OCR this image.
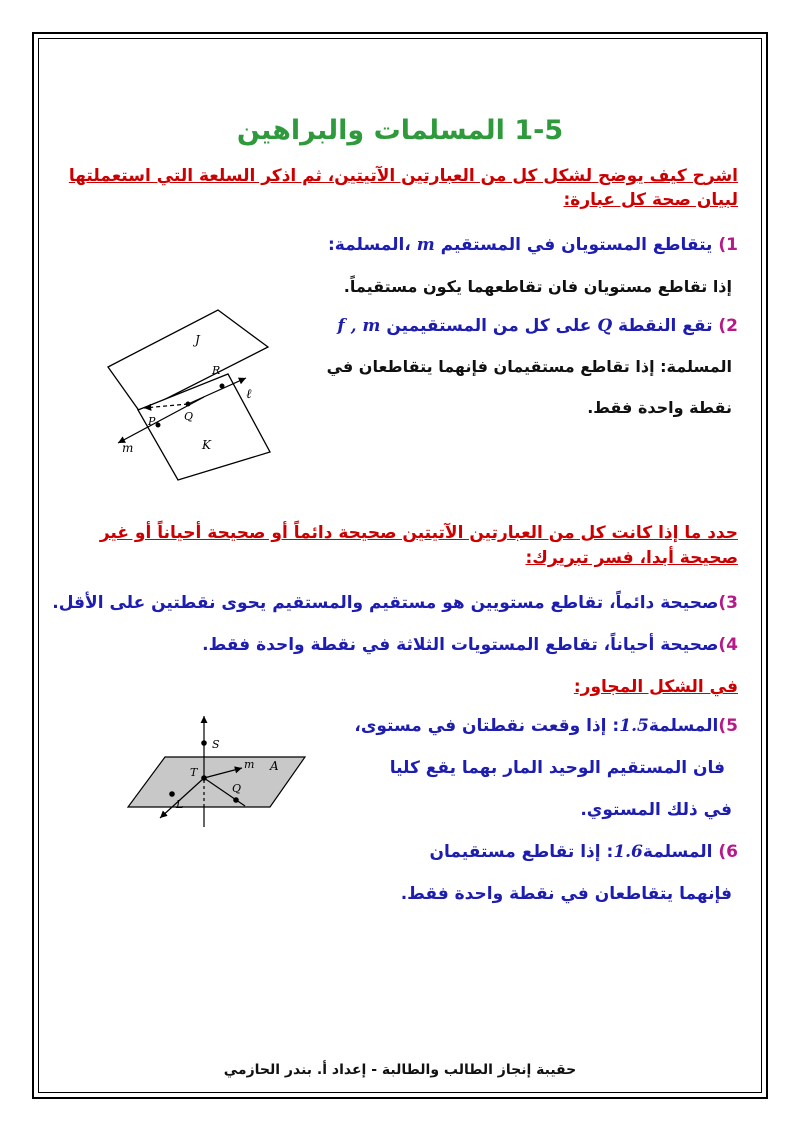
1-5 المسلمات والبراهين

اشرح كيف يوضح لشكل كل من العبارتين الآتيتين، ثم اذكر السلعة التي استعملتها

لبيان صحة كل عبارة:

1) يتقاطع المستويان في المستقيم m ،المسلمة:

إذا تقاطع مستويان فان تقاطعهما يكون مستقيماً.

2) تقع النقطة Q على كل من المستقيمين f , m

المسلمة: إذا تقاطع مستقيمان فإنهما يتقاطعان في

نقطة واحدة فقط.

J
K
R
Q
P
ℓ
m

حدد ما إذا كانت كل من العبارتين الآتيتين صحيحة دائماً أو صحيحة أحياناً أو غير

صحيحة أبدا، فسر تبريرك:

3)صحيحة دائماً، تقاطع مستويين هو مستقيم والمستقيم يحوى نقطتين على الأقل.

4)صحيحة أحياناً، تقاطع المستويات الثلاثة في نقطة واحدة فقط.

في الشكل المجاور:

5)المسلمة1.5: إذا وقعت نقطتان في مستوى،

فان المستقيم الوحيد المار بهما يقع كليا

في ذلك المستوي.

6) المسلمة1.6: إذا تقاطع مستقيمان

فإنهما يتقاطعان في نقطة واحدة فقط.

S
T
m A
L
Q

حقيبة إنجاز الطالب والطالبة - إعداد أ. بندر الحازمي
